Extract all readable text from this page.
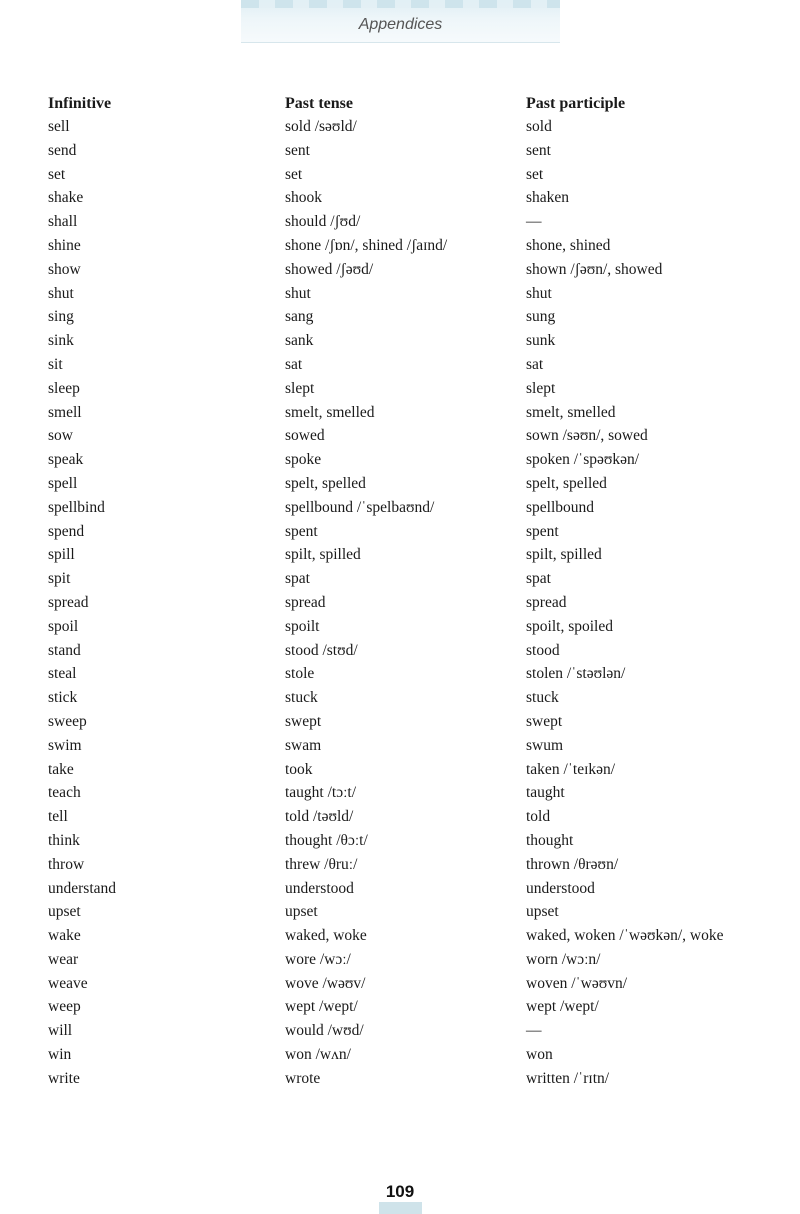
Appendices
Infinitive	Past tense	Past participle
sell	sold /səʊld/	sold
send	sent	sent
set	set	set
shake	shook	shaken
shall	should /ʃʊd/	—
shine	shone /ʃɒn/, shined /ʃaɪnd/	shone, shined
show	showed /ʃəʊd/	shown /ʃəʊn/, showed
shut	shut	shut
sing	sang	sung
sink	sank	sunk
sit	sat	sat
sleep	slept	slept
smell	smelt, smelled	smelt, smelled
sow	sowed	sown /səʊn/, sowed
speak	spoke	spoken /ˈspəʊkən/
spell	spelt, spelled	spelt, spelled
spellbind	spellbound /ˈspelbaʊnd/	spellbound
spend	spent	spent
spill	spilt, spilled	spilt, spilled
spit	spat	spat
spread	spread	spread
spoil	spoilt	spoilt, spoiled
stand	stood /stʊd/	stood
steal	stole	stolen /ˈstəʊlən/
stick	stuck	stuck
sweep	swept	swept
swim	swam	swum
take	took	taken /ˈteɪkən/
teach	taught /tɔːt/	taught
tell	told /təʊld/	told
think	thought /θɔːt/	thought
throw	threw /θruː/	thrown /θrəʊn/
understand	understood	understood
upset	upset	upset
wake	waked, woke	waked, woken /ˈwəʊkən/, woke
wear	wore /wɔː/	worn /wɔːn/
weave	wove /wəʊv/	woven /ˈwəʊvn/
weep	wept /wept/	wept /wept/
will	would /wʊd/	—
win	won /wʌn/	won
write	wrote	written /ˈrɪtn/
109
